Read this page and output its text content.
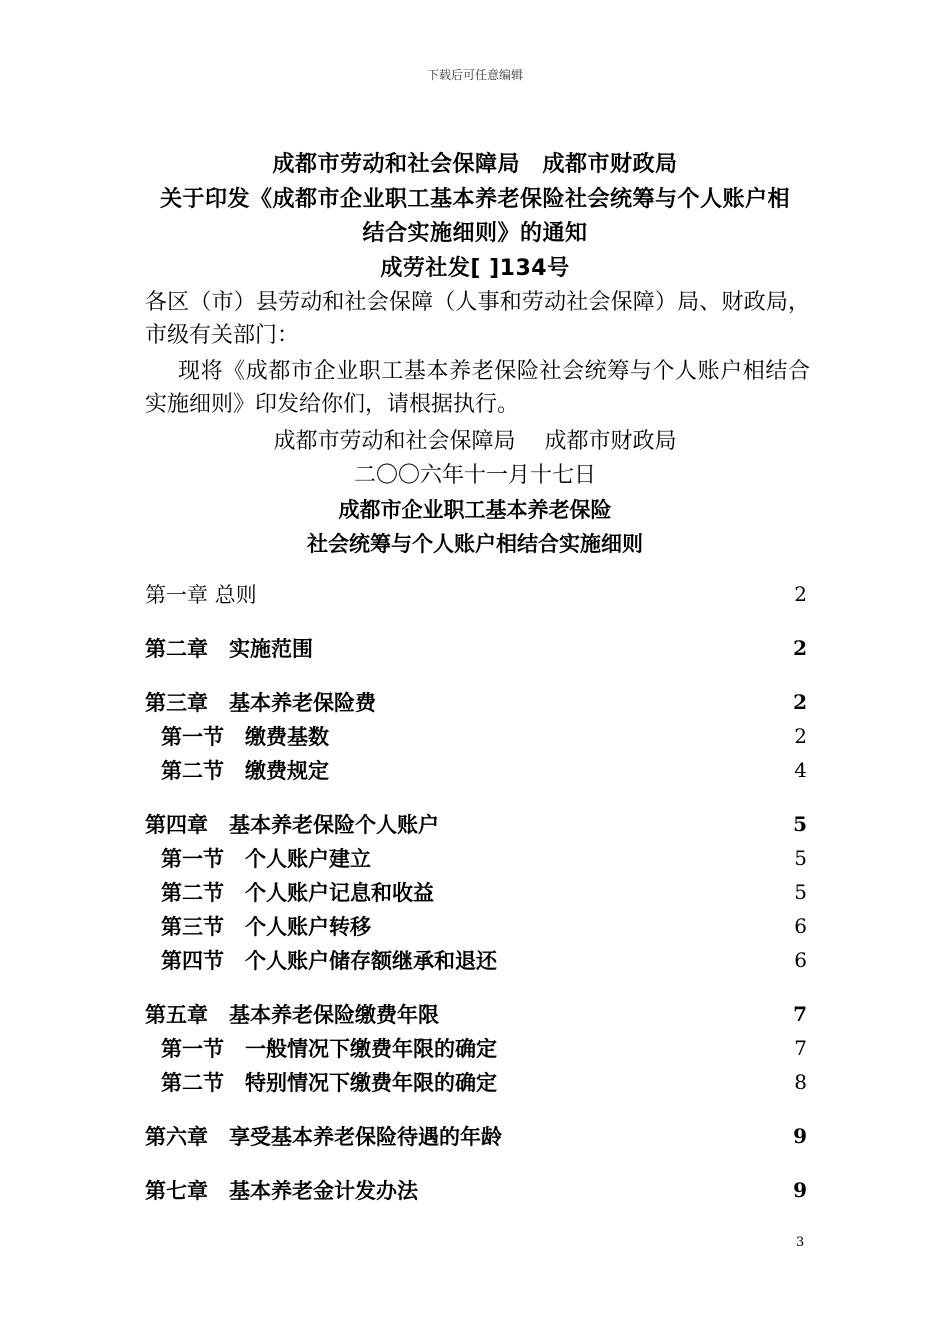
下载后可任意编辑
成都市劳动和社会保障局　成都市财政局
关于印发《成都市企业职工基本养老保险社会统筹与个人账户相
结合实施细则》的通知
成劳社发[ ]134号
各区（市）县劳动和社会保障（人事和劳动社会保障）局、财政局，市级有关部门：
现将《成都市企业职工基本养老保险社会统筹与个人账户相结合实施细则》印发给你们，请根据执行。
成都市劳动和社会保障局　 成都市财政局
二〇〇六年十一月十七日
成都市企业职工基本养老保险
社会统筹与个人账户相结合实施细则
第一章 总则	2
第二章　实施范围	2
第三章　基本养老保险费	2
第一节　缴费基数	2
第二节　缴费规定	4
第四章　基本养老保险个人账户	5
第一节　个人账户建立	5
第二节　个人账户记息和收益	5
第三节　个人账户转移	6
第四节　个人账户储存额继承和退还	6
第五章　基本养老保险缴费年限	7
第一节　一般情况下缴费年限的确定	7
第二节　特别情况下缴费年限的确定	8
第六章　享受基本养老保险待遇的年龄	9
第七章　基本养老金计发办法	9
3
